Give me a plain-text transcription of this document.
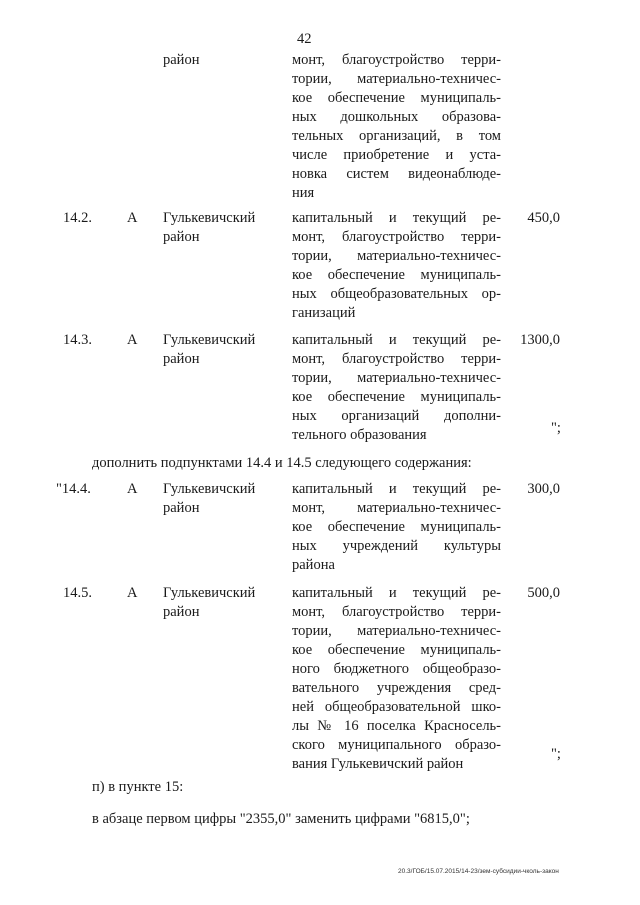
42
район	монт, благоустройство терри-
тории, материально-техничес-
кое обеспечение муниципаль-
ных дошкольных образова-
тельных организаций, в том
числе приобретение и уста-
новка систем видеонаблюде-
ния
14.2. А Гулькевичский
район
капитальный и текущий ре-
монт, благоустройство терри-
тории, материально-техничес-
кое обеспечение муниципаль-
ных общеобразовательных ор-
ганизаций
450,0
14.3. А Гулькевичский
район
капитальный и текущий ре-
монт, благоустройство терри-
тории, материально-техничес-
кое обеспечение муниципаль-
ных организаций дополни-
тельного образования
1300,0
";
дополнить подпунктами 14.4 и 14.5 следующего содержания:
"14.4. А Гулькевичский
район
капитальный и текущий ре-
монт, материально-техничес-
кое обеспечение муниципаль-
ных учреждений культуры
района
300,0
14.5. А Гулькевичский
район
капитальный и текущий ре-
монт, благоустройство терри-
тории, материально-техничес-
кое обеспечение муниципаль-
ного бюджетного общеобразо-
вательного учреждения сред-
ней общеобразовательной шко-
лы № 16 поселка Красносель-
ского муниципального образо-
вания Гулькевичский район
500,0
";
п) в пункте 15:
в абзаце первом цифры "2355,0" заменить цифрами "6815,0";
20.3/ГОБ/15.07.2015/14-23/зем-субсидии-чколь-закон
